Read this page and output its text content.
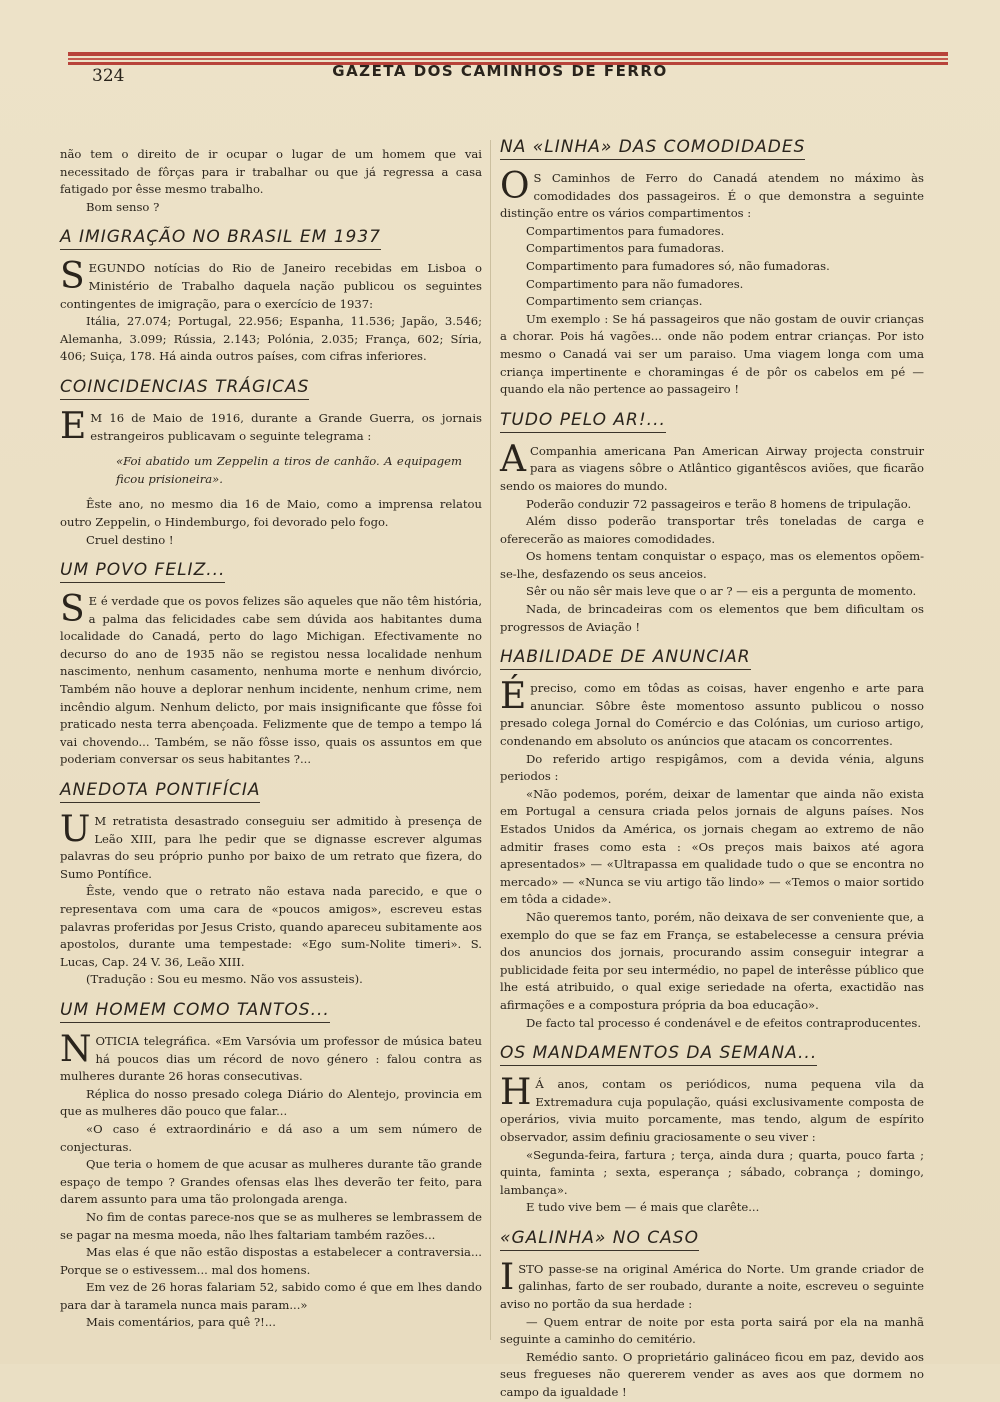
324	GAZETA DOS CAMINHOS DE FERRO

não tem o direito de ir ocupar o lugar de um homem que vai necessitado de fôrças para ir trabalhar ou que já regressa a casa fatigado por êsse mesmo trabalho.

Bom senso ?

A IMIGRAÇÃO NO BRASIL EM 1937

SEGUNDO notícias do Rio de Janeiro recebidas em Lisboa o Ministério de Trabalho daquela nação publicou os seguintes contingentes de imigração, para o exercício de 1937:

Itália, 27.074; Portugal, 22.956; Espanha, 11.536; Japão, 3.546; Alemanha, 3.099; Rússia, 2.143; Polónia, 2.035; França, 602; Síria, 406; Suiça, 178. Há ainda outros países, com cifras inferiores.

COINCIDENCIAS TRÁGICAS

E M 16 de Maio de 1916, durante a Grande Guerra, os jornais estrangeiros publicavam o seguinte telegrama :

«Foi abatido um Zeppelin a tiros de canhão. A equipagem ficou prisioneira».

Êste ano, no mesmo dia 16 de Maio, como a imprensa relatou outro Zeppelin, o Hindemburgo, foi devorado pelo fogo.

Cruel destino !

UM POVO FELIZ...

S E é verdade que os povos felizes são aqueles que não têm história, a palma das felicidades cabe sem dúvida aos habitantes duma localidade do Canadá, perto do lago Michigan. Efectivamente no decurso do ano de 1935 não se registou nessa localidade nenhum nascimento, nenhum casamento, nenhuma morte e nenhum divórcio, Também não houve a deplorar nenhum incidente, nenhum crime, nem incêndio algum. Nenhum delicto, por mais insignificante que fôsse foi praticado nesta terra abençoada. Felizmente que de tempo a tempo lá vai chovendo... Também, se não fôsse isso, quais os assuntos em que poderiam conversar os seus habitantes ?...

ANEDOTA PONTIFÍCIA

U M retratista desastrado conseguiu ser admitido à presença de Leão XIII, para lhe pedir que se dignasse escrever algumas palavras do seu próprio punho por baixo de um retrato que fizera, do Sumo Pontífice.

Êste, vendo que o retrato não estava nada parecido, e que o representava com uma cara de «poucos amigos», escreveu estas palavras proferidas por Jesus Cristo, quando apareceu subitamente aos apostolos, durante uma tempestade: «Ego sum-Nolite timeri». S. Lucas, Cap. 24 V. 36, Leão XIII.

(Tradução : Sou eu mesmo. Não vos assusteis).

UM HOMEM COMO TANTOS...

NOTICIA telegráfica. «Em Varsóvia um professor de música bateu há poucos dias um récord de novo género : falou contra as mulheres durante 26 horas consecutivas.

Réplica do nosso presado colega Diário do Alentejo, provincia em que as mulheres dão pouco que falar...

«O caso é extraordinário e dá aso a um sem número de conjecturas.

Que teria o homem de que acusar as mulheres durante tão grande espaço de tempo ? Grandes ofensas elas lhes deverão ter feito, para darem assunto para uma tão prolongada arenga.

No fim de contas parece-nos que se as mulheres se lembrassem de se pagar na mesma moeda, não lhes faltariam também razões...

Mas elas é que não estão dispostas a estabelecer a contraversia... Porque se o estivessem... mal dos homens.

Em vez de 26 horas falariam 52, sabido como é que em lhes dando para dar à taramela nunca mais param...»

Mais comentários, para quê ?!...

NA «LINHA» DAS COMODIDADES

O S Caminhos de Ferro do Canadá atendem no máximo às comodidades dos passageiros. É o que demonstra a seguinte distinção entre os vários compartimentos :

Compartimentos para fumadores.

Compartimentos para fumadoras.

Compartimento para fumadores só, não fumadoras.

Compartimento para não fumadores.

Compartimento sem crianças.

Um exemplo : Se há passageiros que não gostam de ouvir crianças a chorar. Pois há vagões... onde não podem entrar crianças. Por isto mesmo o Canadá vai ser um paraiso. Uma viagem longa com uma criança impertinente e choramingas é de pôr os cabelos em pé — quando ela não pertence ao passageiro !

TUDO PELO AR!...

A Companhia americana Pan American Airway projecta construir para as viagens sôbre o Atlântico gigantêscos aviões, que ficarão sendo os maiores do mundo.

Poderão conduzir 72 passageiros e terão 8 homens de tripulação.

Além disso poderão transportar três toneladas de carga e oferecerão as maiores comodidades.

Os homens tentam conquistar o espaço, mas os elementos opõem-se-lhe, desfazendo os seus anceios.

Sêr ou não sêr mais leve que o ar ? — eis a pergunta de momento.

Nada, de brincadeiras com os elementos que bem dificultam os progressos de Aviação !

HABILIDADE DE ANUNCIAR

Épreciso, como em tôdas as coisas, haver engenho e arte para anunciar. Sôbre êste momentoso assunto publicou o nosso presado colega Jornal do Comércio e das Colónias, um curioso artigo, condenando em absoluto os anúncios que atacam os concorrentes.

Do referido artigo respigâmos, com a devida vénia, alguns periodos :

«Não podemos, porém, deixar de lamentar que ainda não exista em Portugal a censura criada pelos jornais de alguns países. Nos Estados Unidos da América, os jornais chegam ao extremo de não admitir frases como esta : «Os preços mais baixos até agora apresentados» — «Ultrapassa em qualidade tudo o que se encontra no mercado» — «Nunca se viu artigo tão lindo» — «Temos o maior sortido em tôda a cidade».

Não queremos tanto, porém, não deixava de ser conveniente que, a exemplo do que se faz em França, se estabelecesse a censura prévia dos anuncios dos jornais, procurando assim conseguir integrar a publicidade feita por seu intermédio, no papel de interêsse público que lhe está atribuido, o qual exige seriedade na oferta, exactidão nas afirmações e a compostura própria da boa educação».

De facto tal processo é condenável e de efeitos contraproducentes.

OS MANDAMENTOS DA SEMANA...

H Á anos, contam os periódicos, numa pequena vila da Extremadura cuja população, quási exclusivamente composta de operários, vivia muito porcamente, mas tendo, algum de espírito observador, assim definiu graciosamente o seu viver :

«Segunda-feira, fartura ; terça, ainda dura ; quarta, pouco farta ; quinta, faminta ; sexta, esperança ; sábado, cobrança ; domingo, lambança».

E tudo vive bem — é mais que clarête...

«GALINHA» NO CASO

ISTO passe-se na original América do Norte. Um grande criador de galinhas, farto de ser roubado, durante a noite, escreveu o seguinte aviso no portão da sua herdade :

— Quem entrar de noite por esta porta sairá por ela na manhã seguinte a caminho do cemitério.

Remédio santo. O proprietário galináceo ficou em paz, devido aos seus fregueses não quererem vender as aves aos que dormem no campo da igualdade !
